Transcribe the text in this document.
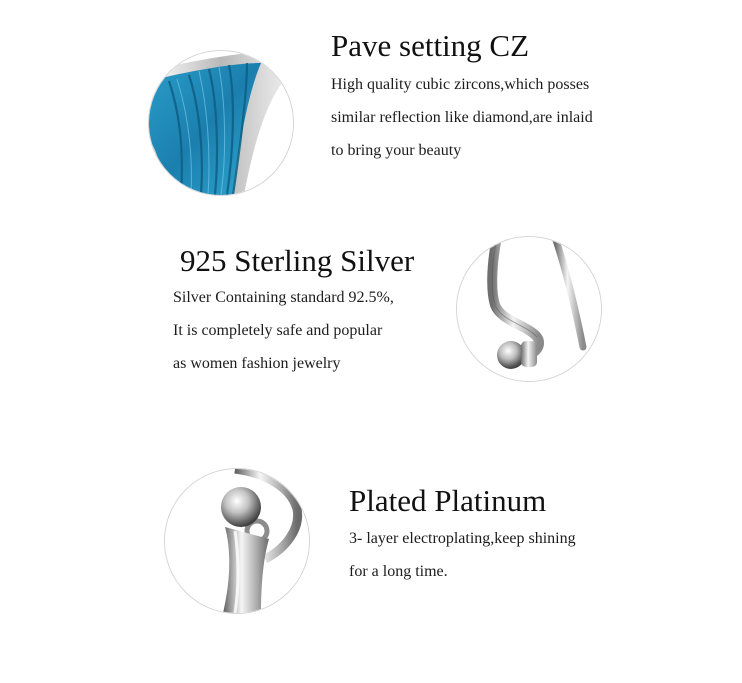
Pave setting CZ

High quality cubic zircons,which posses
similar reflection like diamond,are inlaid
to bring your beauty

925 Sterling Silver

Silver Containing standard 92.5%,
It is completely safe and popular
as women fashion jewelry

Plated Platinum

3- layer electroplating,keep shining
for a long time.
